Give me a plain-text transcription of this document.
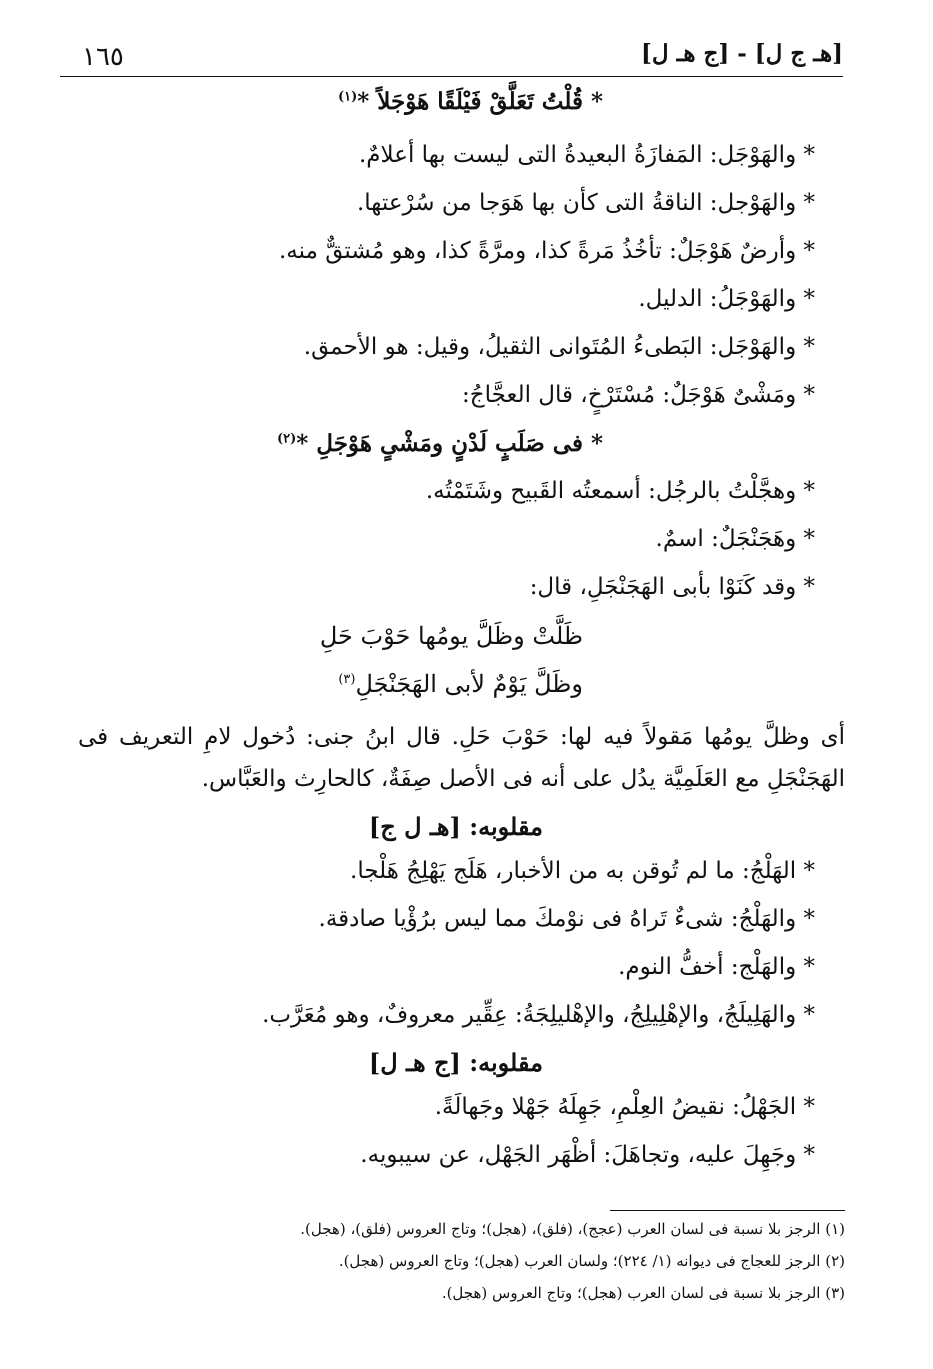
١٦٥	[هـ ج ل] - [ج هـ ل]
* قُلْتُ تَعَلَّقْ فَيْلَقًا هَوْجَلاً *$^{(١)}$
* والهَوْجَل: المَفازَةُ البعيدةُ التى ليست بها أعلامٌ.
* والهَوْجل: الناقةُ التى كأن بها هَوَجا من سُرْعتها.
* وأرضٌ هَوْجَلٌ: تأخُذُ مَرةً كذا، ومرَّةً كذا، وهو مُشتقٌّ منه.
* والهَوْجَلُ: الدليل.
* والهَوْجَل: البَطىءُ المُتَوانى الثقيلُ، وقيل: هو الأحمق.
* ومَشْىٌ هَوْجَلٌ: مُسْتَرْخٍ، قال العجَّاجُ:
* فى صَلَبٍ لَدْنٍ ومَشْىٍ هَوْجَلِ *$^{(٢)}$
* وهجَّلْتُ بالرجُل: أسمعتُه القَبيح وشَتَمْتُه.
* وهَجَنْجَلٌ: اسمٌ.
* وقد كَنَوْا بأبى الهَجَنْجَلِ، قال:
ظَلَّتْ وظَلَّ يومُها حَوْبَ حَلِ
وظَلَّ يَوْمٌ لأبى الهَجَنْجَلِ$^{(٣)}$
أى وظلَّ يومُها مَقولاً فيه لها: حَوْبَ حَلِ. قال ابنُ جنى: دُخول لامِ التعريف فى الهَجَنْجَلِ مع العَلَمِيَّة يدُل على أنه فى الأصل صِفَةٌ، كالحارِث والعَبَّاس.
مقلوبه: [هـ ل ج]
* الهَلْجُ: ما لم تُوقن به من الأخبار، هَلَج يَهْلِجُ هَلْجا.
* والهَلْجُ: شىءٌ تَراهُ فى نوْمكَ مما ليس برُؤْيا صادقة.
* والهَلْج: أخفُّ النوم.
* والهَلِيلَجُ، والإهْلِيلِجُ، والإهْليلِجَةُ: عِقِّير معروفٌ، وهو مُعَرَّب.
مقلوبه: [ج هـ ل]
* الجَهْلُ: نقيضُ العِلْمِ، جَهِلَهُ جَهْلا وجَهالَةً.
* وجَهِلَ عليه، وتجاهَلَ: أظْهَر الجَهْل، عن سيبويه.
(١) الرجز بلا نسبة فى لسان العرب (عجج)، (فلق)، (هجل)؛ وتاج العروس (فلق)، (هجل).
(٢) الرجز للعجاج فى ديوانه (١/ ٢٢٤)؛ ولسان العرب (هجل)؛ وتاج العروس (هجل).
(٣) الرجز بلا نسبة فى لسان العرب (هجل)؛ وتاج العروس (هجل).
